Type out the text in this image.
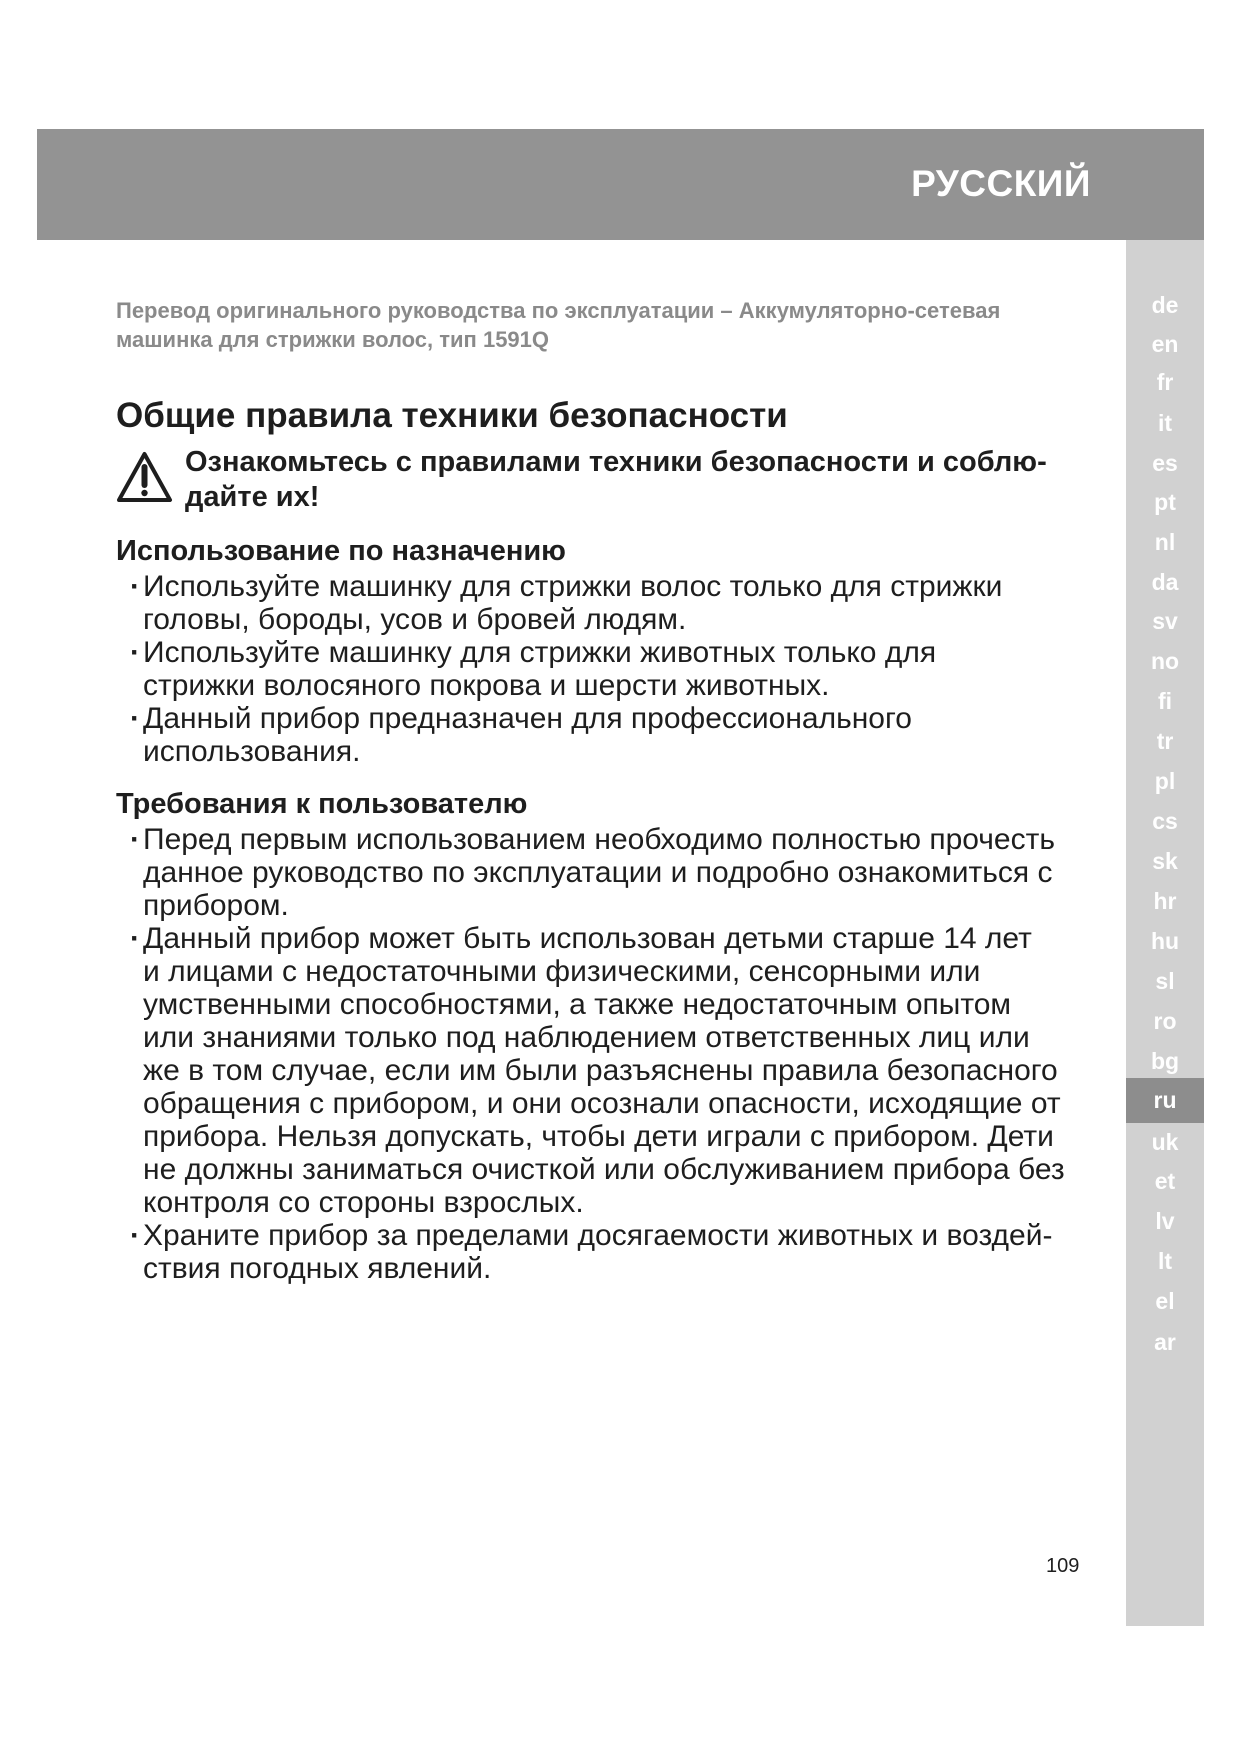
РУССКИЙ
de
en
fr
it
es
pt
nl
da
sv
no
fi
tr
pl
cs
sk
hr
hu
sl
ro
bg
ru
uk
et
lv
lt
el
ar

Перевод оригинального руководства по эксплуатации – Аккумуляторно-сетевая
машинка для стрижки волос, тип 1591Q

Общие правила техники безопасности

Ознакомьтесь с правилами техники безопасности и соблю-
дайте их!

Использование по назначению
· Используйте машинку для стрижки волос только для стрижки
головы, бороды, усов и бровей людям.
· Используйте машинку для стрижки животных только для
стрижки волосяного покрова и шерсти животных.
· Данный прибор предназначен для профессионального
использования.
Требования к пользователю
· Перед первым использованием необходимо полностью прочесть
данное руководство по эксплуатации и подробно ознакомиться с
прибором.
· Данный прибор может быть использован детьми старше 14 лет
и лицами с недостаточными физическими, сенсорными или
умственными способностями, а также недостаточным опытом
или знаниями только под наблюдением ответственных лиц или
же в том случае, если им были разъяснены правила безопасного
обращения с прибором, и они осознали опасности, исходящие от
прибора. Нельзя допускать, чтобы дети играли с прибором. Дети
не должны заниматься очисткой или обслуживанием прибора без
контроля со стороны взрослых.
· Храните прибор за пределами досягаемости животных и воздей-
ствия погодных явлений.

109
